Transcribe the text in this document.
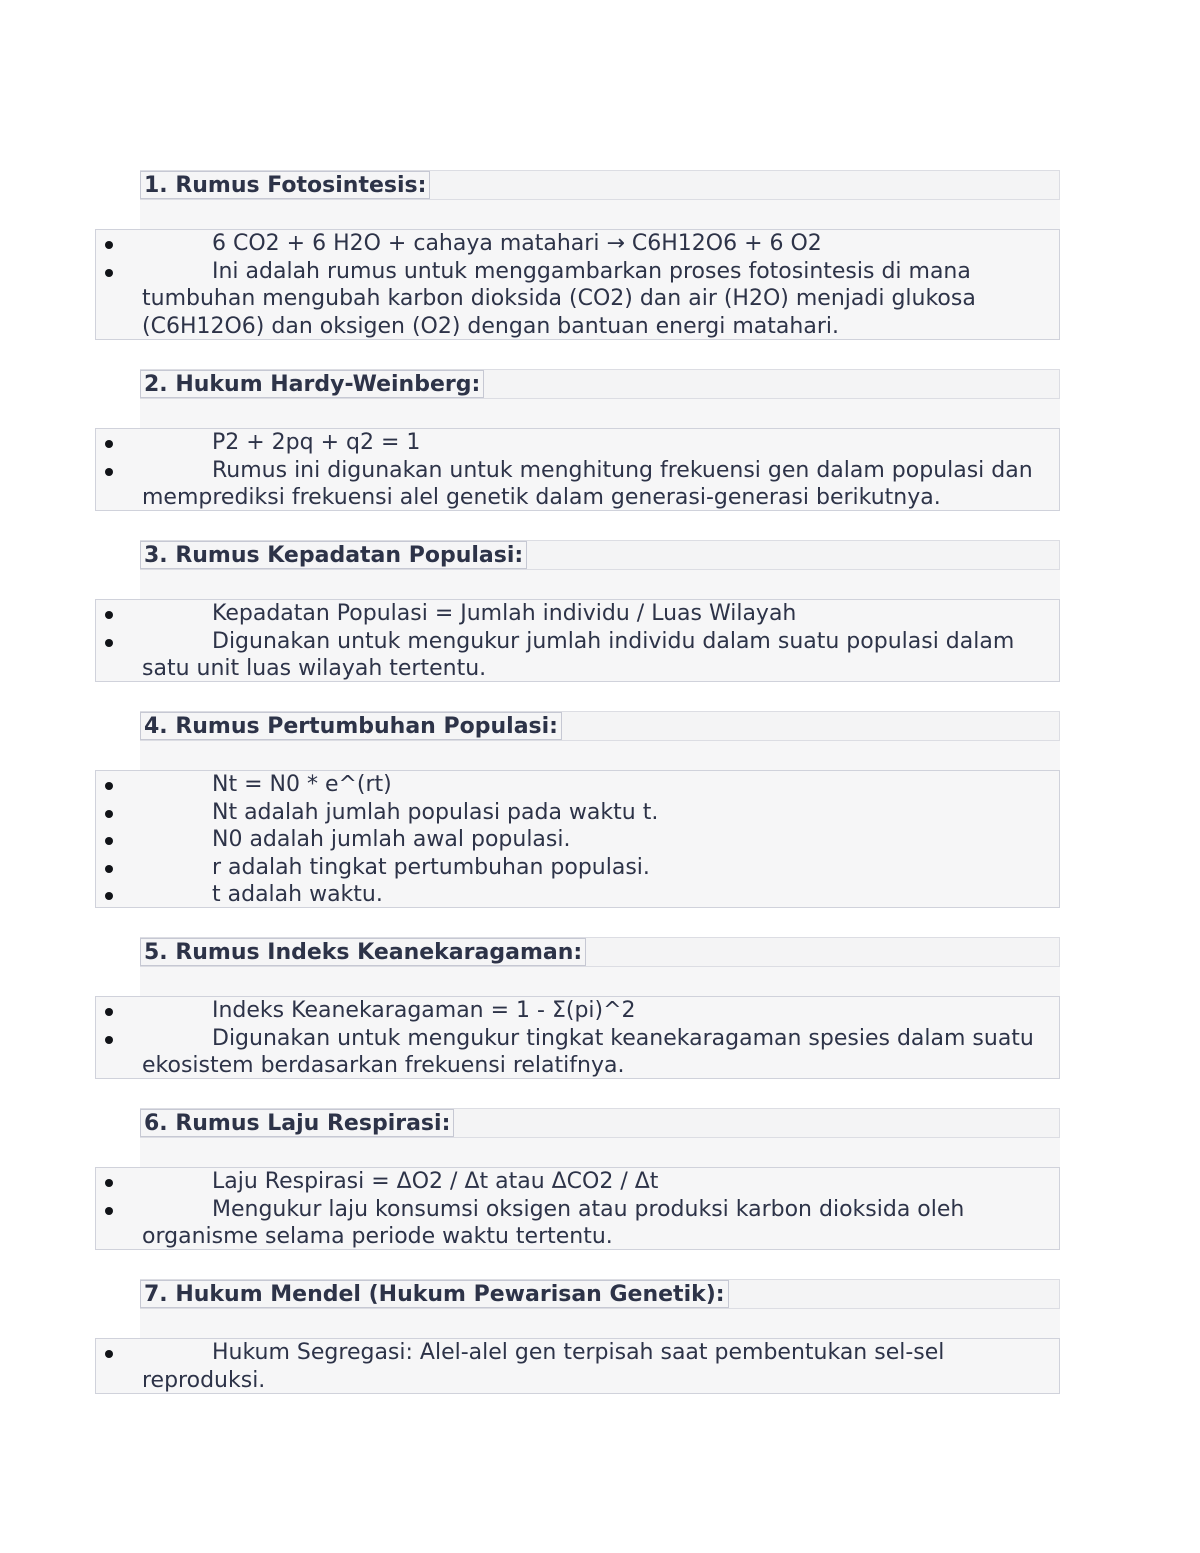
1. Rumus Fotosintesis:
6 CO2 + 6 H2O + cahaya matahari → C6H12O6 + 6 O2
Ini adalah rumus untuk menggambarkan proses fotosintesis di mana tumbuhan mengubah karbon dioksida (CO2) dan air (H2O) menjadi glukosa (C6H12O6) dan oksigen (O2) dengan bantuan energi matahari.
2. Hukum Hardy-Weinberg:
P2 + 2pq + q2 = 1
Rumus ini digunakan untuk menghitung frekuensi gen dalam populasi dan memprediksi frekuensi alel genetik dalam generasi-generasi berikutnya.
3. Rumus Kepadatan Populasi:
Kepadatan Populasi = Jumlah individu / Luas Wilayah
Digunakan untuk mengukur jumlah individu dalam suatu populasi dalam satu unit luas wilayah tertentu.
4. Rumus Pertumbuhan Populasi:
Nt = N0 * e^(rt)
Nt adalah jumlah populasi pada waktu t.
N0 adalah jumlah awal populasi.
r adalah tingkat pertumbuhan populasi.
t adalah waktu.
5. Rumus Indeks Keanekaragaman:
Indeks Keanekaragaman = 1 - Σ(pi)^2
Digunakan untuk mengukur tingkat keanekaragaman spesies dalam suatu ekosistem berdasarkan frekuensi relatifnya.
6. Rumus Laju Respirasi:
Laju Respirasi = ΔO2 / Δt atau ΔCO2 / Δt
Mengukur laju konsumsi oksigen atau produksi karbon dioksida oleh organisme selama periode waktu tertentu.
7. Hukum Mendel (Hukum Pewarisan Genetik):
Hukum Segregasi: Alel-alel gen terpisah saat pembentukan sel-sel reproduksi.
